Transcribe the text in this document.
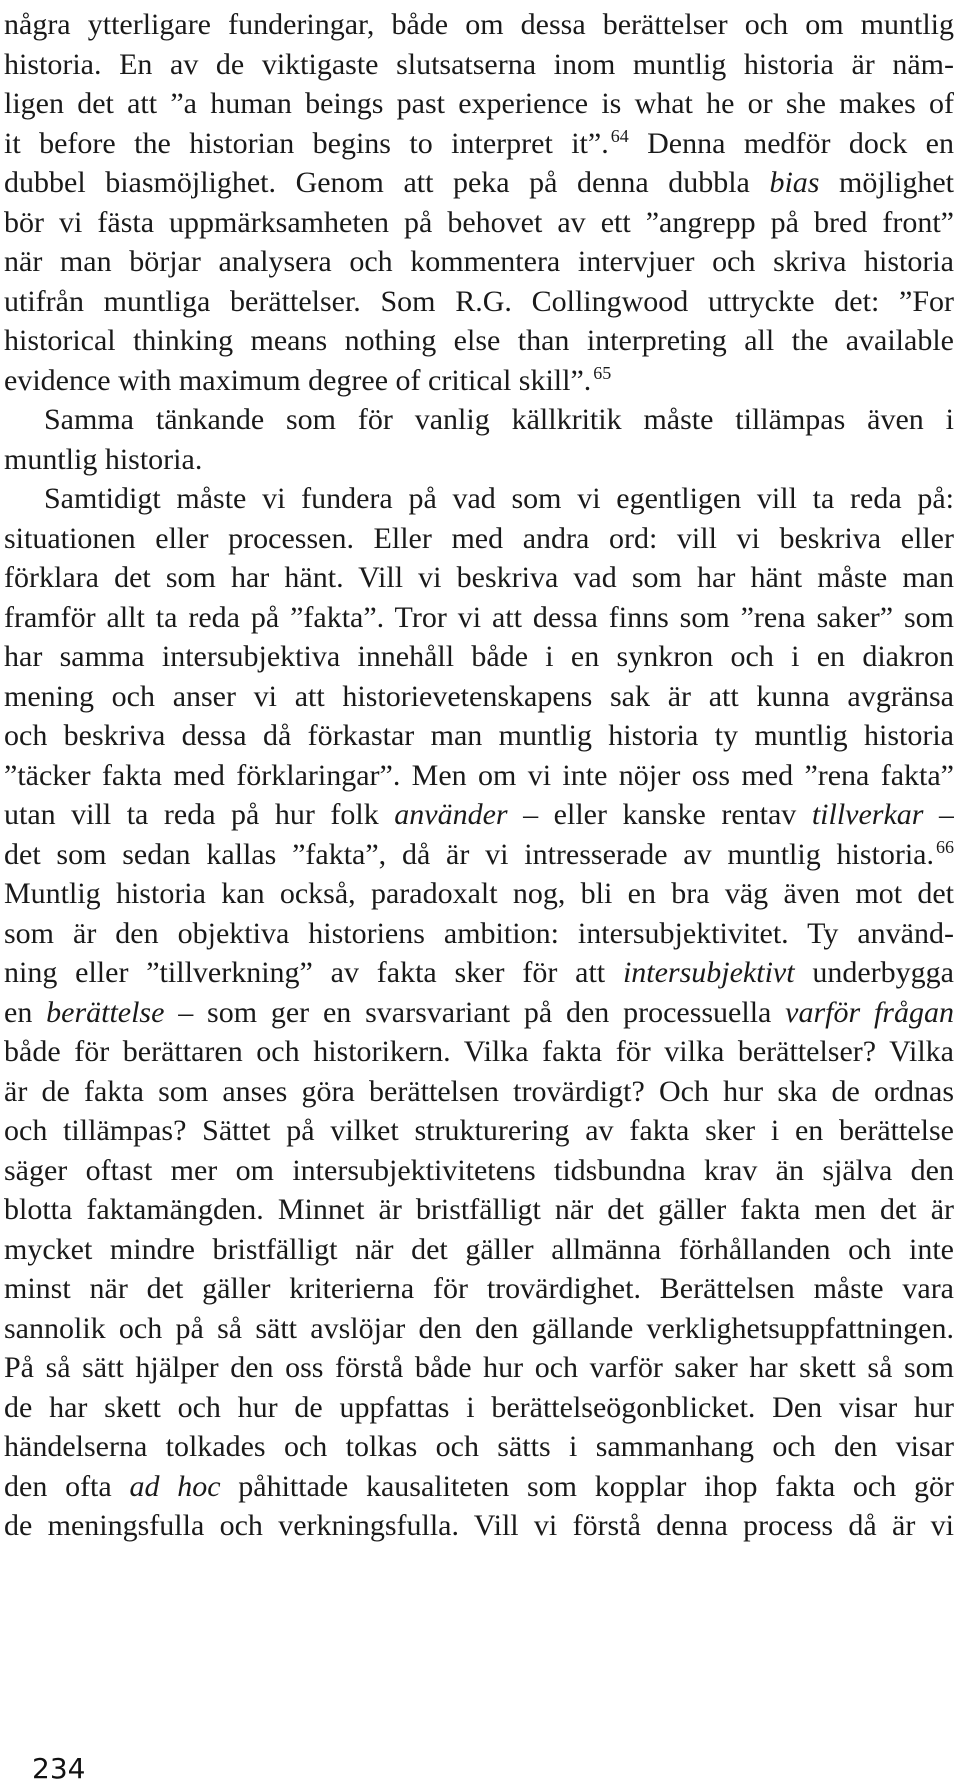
några ytterligare funderingar, både om dessa berättelser och om muntlig
historia. En av de viktigaste slutsatserna inom muntlig historia är näm-
ligen det att ”a human beings past experience is what he or she makes of
it before the historian begins to interpret it”. $^{64}$ Denna medför dock en
dubbel biasmöjlighet. Genom att peka på denna dubbla bias möjlighet
bör vi fästa uppmärksamheten på behovet av ett ”angrepp på bred front”
när man börjar analysera och kommentera intervjuer och skriva historia
utifrån muntliga berättelser. Som R.G. Collingwood uttryckte det: ”For
historical thinking means nothing else than interpreting all the available
evidence with maximum degree of critical skill”. $^{65}$
Samma tänkande som för vanlig källkritik måste tillämpas även i
muntlig historia.
Samtidigt måste vi fundera på vad som vi egentligen vill ta reda på:
situationen eller processen. Eller med andra ord: vill vi beskriva eller
förklara det som har hänt. Vill vi beskriva vad som har hänt måste man
framför allt ta reda på ”fakta”. Tror vi att dessa finns som ”rena saker” som
har samma intersubjektiva innehåll både i en synkron och i en diakron
mening och anser vi att historievetenskapens sak är att kunna avgränsa
och beskriva dessa då förkastar man muntlig historia ty muntlig historia
”täcker fakta med förklaringar”. Men om vi inte nöjer oss med ”rena fakta”
utan vill ta reda på hur folk använder – eller kanske rentav tillverkar –
det som sedan kallas ”fakta”, då är vi intresserade av muntlig historia. $^{66}$
Muntlig historia kan också, paradoxalt nog, bli en bra väg även mot det
som är den objektiva historiens ambition: intersubjektivitet. Ty använd-
ning eller ”tillverkning” av fakta sker för att intersubjektivt underbygga
en berättelse – som ger en svarsvariant på den processuella varför frågan
både för berättaren och historikern. Vilka fakta för vilka berättelser? Vilka
är de fakta som anses göra berättelsen trovärdigt? Och hur ska de ordnas
och tillämpas? Sättet på vilket strukturering av fakta sker i en berättelse
säger oftast mer om intersubjektivitetens tidsbundna krav än själva den
blotta faktamängden. Minnet är bristfälligt när det gäller fakta men det är
mycket mindre bristfälligt när det gäller allmänna förhållanden och inte
minst när det gäller kriterierna för trovärdighet. Berättelsen måste vara
sannolik och på så sätt avslöjar den den gällande verklighetsuppfattningen.
På så sätt hjälper den oss förstå både hur och varför saker har skett så som
de har skett och hur de uppfattas i berättelseögonblicket. Den visar hur
händelserna tolkades och tolkas och sätts i sammanhang och den visar
den ofta ad hoc påhittade kausaliteten som kopplar ihop fakta och gör
de meningsfulla och verkningsfulla. Vill vi förstå denna process då är vi
234
